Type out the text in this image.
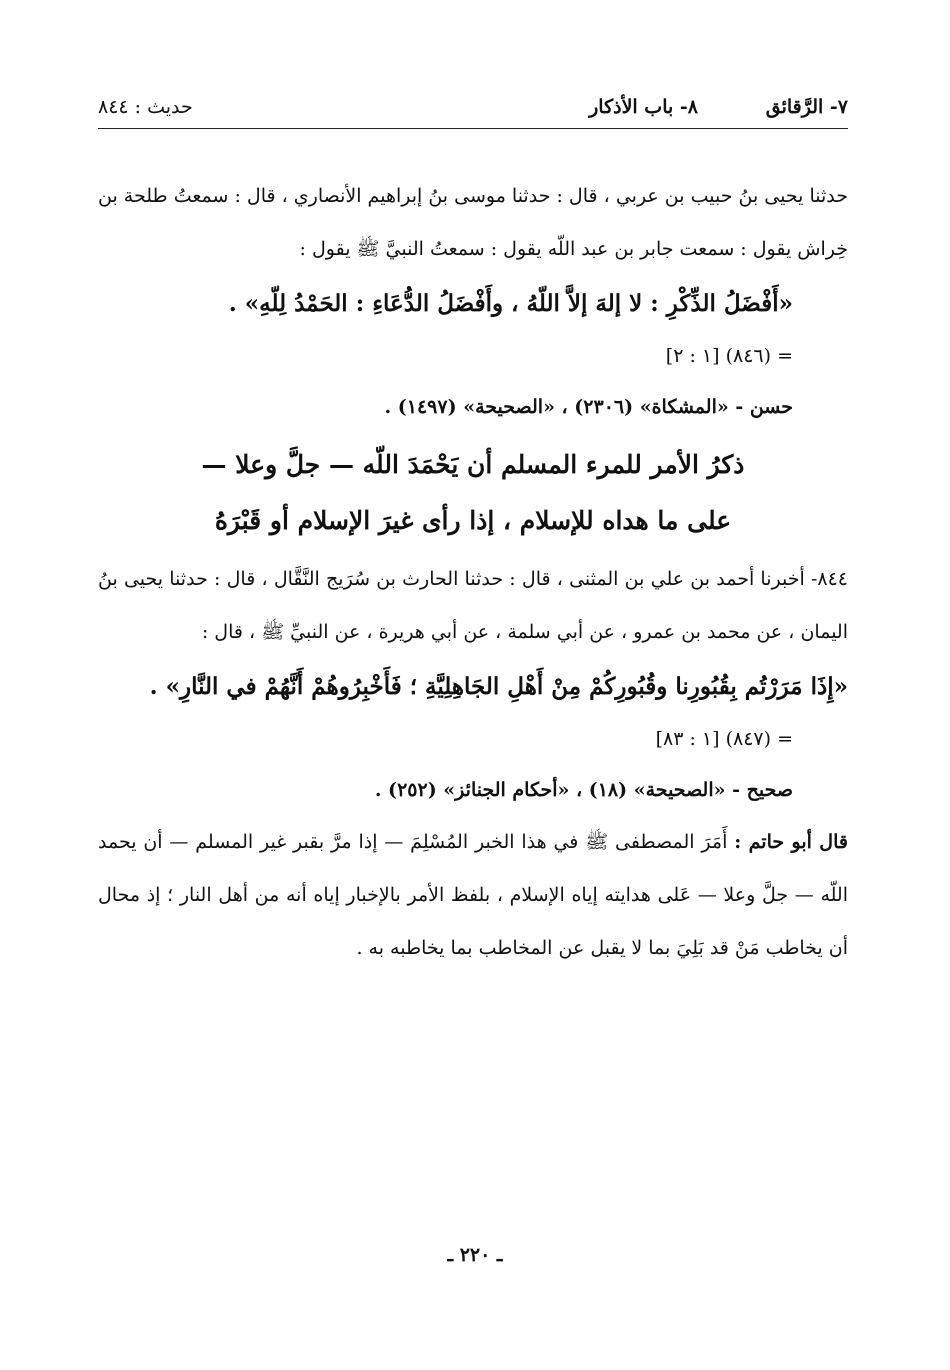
٧- الرَّقائق
٨- باب الأذكار
حديث : ٨٤٤

حدثنا يحيى بنُ حبيب بن عربي ، قال : حدثنا موسى بنُ إبراهيم الأنصاري ، قال : سمعتُ طلحة بن خِراش يقول : سمعت جابر بن عبد اللّه يقول : سمعتُ النبيَّ ﷺ يقول :

«أَفْضَلُ الذِّكْرِ : لا إلهَ إلاَّ اللّهُ ، وأَفْضَلُ الدُّعَاءِ : الحَمْدُ لِلّهِ» .

= (٨٤٦) [١ : ٢]

حسن - «المشكاة» (٢٣٠٦) ، «الصحيحة» (١٤٩٧) .

ذكرُ الأمر للمرء المسلم أن يَحْمَدَ اللّه — جلَّ وعلا —
على ما هداه للإسلام ، إذا رأى غيرَ الإسلام أو قَبْرَهُ

٨٤٤- أخبرنا أحمد بن علي بن المثنى ، قال : حدثنا الحارث بن سُرَيج النَّقَّال ، قال : حدثنا يحيى بنُ اليمان ، عن محمد بن عمرو ، عن أبي سلمة ، عن أبي هريرة ، عن النبيِّ ﷺ ، قال :

«إِذَا مَرَرْتُم بِقُبُورِنا وقُبُورِكُمْ مِنْ أَهْلِ الجَاهِلِيَّةِ ؛ فَأَخْبِرُوهُمْ أَنَّهُمْ في النَّارِ» .

= (٨٤٧) [١ : ٨٣]

صحيح - «الصحيحة» (١٨) ، «أحكام الجنائز» (٢٥٢) .

قال أبو حاتم : أَمَرَ المصطفى ﷺ في هذا الخبر المُسْلِمَ — إذا مرَّ بقبر غير المسلم — أن يحمد اللّه — جلَّ وعلا — عَلى هدايته إياه الإسلام ، بلفظ الأمر بالإخبار إياه أنه من أهل النار ؛ إذ محال أن يخاطب مَنْ قد بَلِيَ بما لا يقبل عن المخاطب بما يخاطبه به .

ـ ٢٢٠ ـ
